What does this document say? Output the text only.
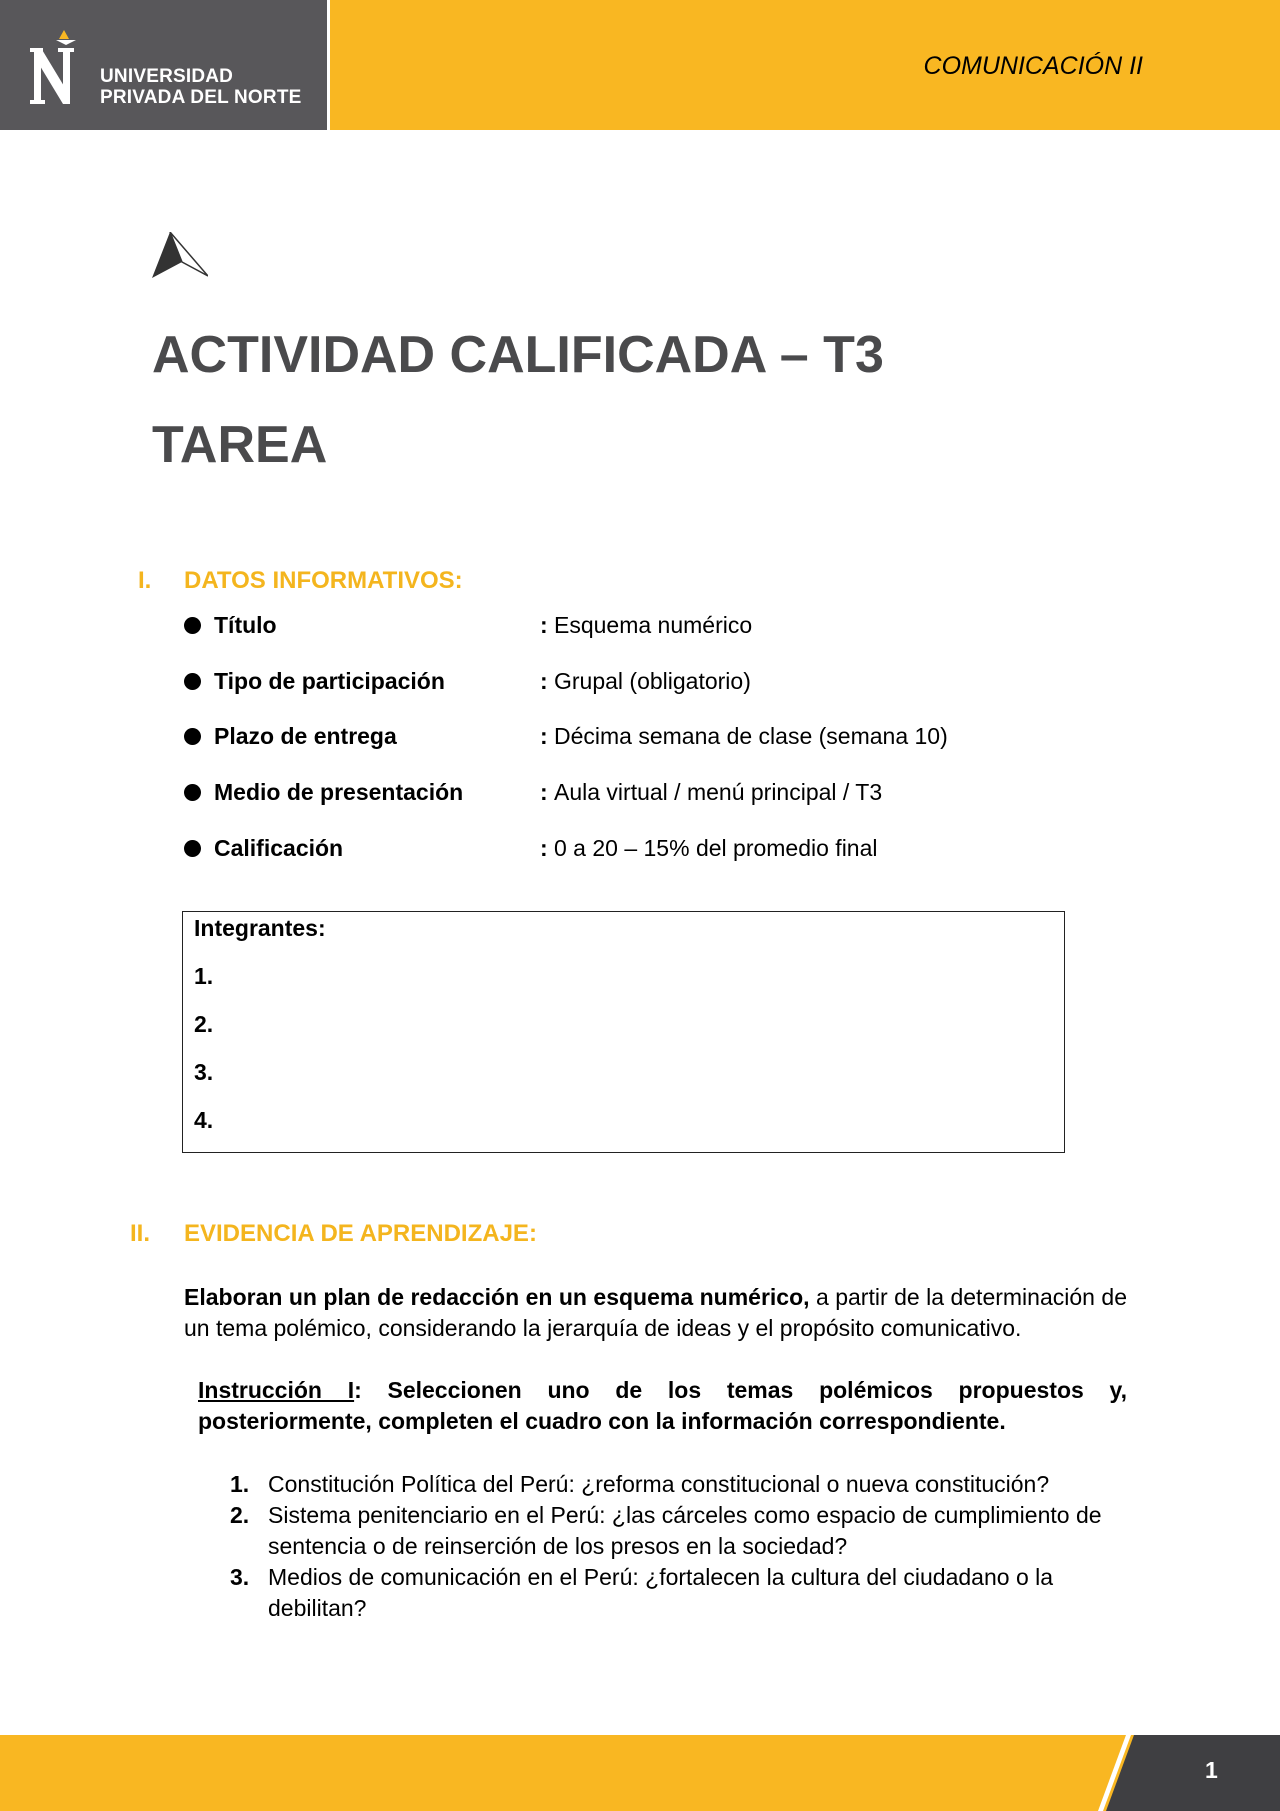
UNIVERSIDAD
PRIVADA DEL NORTE
COMUNICACIÓN II
ACTIVIDAD CALIFICADA – T3
TAREA
I. DATOS INFORMATIVOS:
Título	: Esquema numérico
Tipo de participación	: Grupal (obligatorio)
Plazo de entrega	: Décima semana de clase (semana 10)
Medio de presentación	: Aula virtual / menú principal / T3
Calificación	: 0 a 20 – 15% del promedio final
Integrantes:
1.
2.
3.
4.
II. EVIDENCIA DE APRENDIZAJE:
Elaboran un plan de redacción en un esquema numérico, a partir de la determinación de un tema polémico, considerando la jerarquía de ideas y el propósito comunicativo.
Instrucción I: Seleccionen uno de los temas polémicos propuestos y, posteriormente, completen el cuadro con la información correspondiente.
1. Constitución Política del Perú: ¿reforma constitucional o nueva constitución?
2. Sistema penitenciario en el Perú: ¿las cárceles como espacio de cumplimiento de sentencia o de reinserción de los presos en la sociedad?
3. Medios de comunicación en el Perú: ¿fortalecen la cultura del ciudadano o la debilitan?
1
